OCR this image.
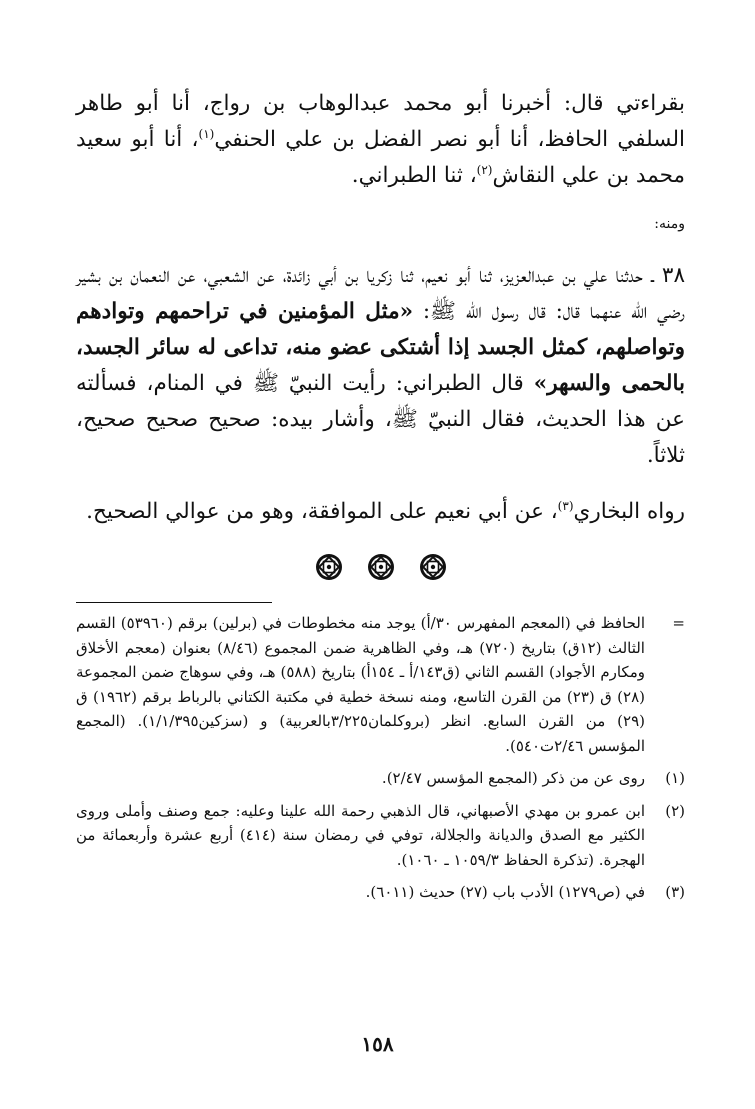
بقراءتي قال: أخبرنا أبو محمد عبدالوهاب بن رواج، أنا أبو طاهر السلفي الحافظ، أنا أبو نصر الفضل بن علي الحنفي$^{(١)}$، أنا أبو سعيد محمد بن علي النقاش$^{(٢)}$، ثنا الطبراني.

ومنه:

٣٨ ـ حدثنا علي بن عبدالعزيز، ثنا أبو نعيم، ثنا زكريا بن أبي زائدة، عن الشعبي، عن النعمان بن بشير رضي الله عنهما قال: قال رسول الله ﷺ: «مثل المؤمنين في تراحمهم وتوادهم وتواصلهم، كمثل الجسد إذا أشتكى عضو منه، تداعى له سائر الجسد، بالحمى والسهر» قال الطبراني: رأيت النبيّ ﷺ في المنام، فسألته عن هذا الحديث، فقال النبيّ ﷺ، وأشار بيده: صحيح صحيح صحيح، ثلاثاً.

رواه البخاري$^{(٣)}$، عن أبي نعيم على الموافقة، وهو من عوالي الصحيح.

=
الحافظ في (المعجم المفهرس ٣٠/أ) يوجد منه مخطوطات في (برلين) برقم (٥٣٩٦٠) القسم الثالث (١٢ق) بتاريخ (٧٢٠) هـ، وفي الظاهرية ضمن المجموع (٨/٤٦) بعنوان (معجم الأخلاق ومكارم الأجواد) القسم الثاني (ق١٤٣/أ ـ ١٥٤أ) بتاريخ (٥٨٨) هـ، وفي سوهاج ضمن المجموعة (٢٨) ق (٢٣) من القرن التاسع، ومنه نسخة خطية في مكتبة الكتاني بالرباط برقم (١٩٦٢) ق (٢٩) من القرن السابع. انظر (بروكلمان٣/٢٢٥بالعربية) و (سزكين١/١/٣٩٥). (المجمع المؤسس ٢/٤٦ت٥٤٠).
(١)
روى عن من ذكر (المجمع المؤسس ٢/٤٧).
(٢)
ابن عمرو بن مهدي الأصبهاني، قال الذهبي رحمة الله علينا وعليه: جمع وصنف وأملى وروى الكثير مع الصدق والديانة والجلالة، توفي في رمضان سنة (٤١٤) أربع عشرة وأربعمائة من الهجرة. (تذكرة الحفاظ ١٠٥٩/٣ ـ ١٠٦٠).
(٣)
في (ص١٢٧٩) الأدب باب (٢٧) حديث (٦٠١١).
١٥٨
